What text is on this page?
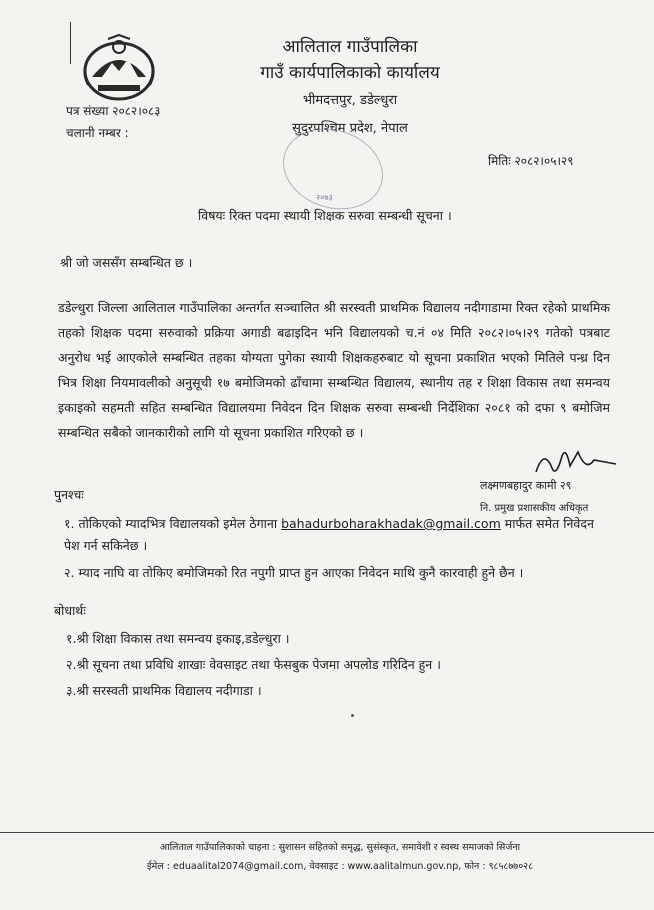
आलिताल गाउँपालिका
गाउँ कार्यपालिकाको कार्यालय
भीमदत्तपुर, डडेल्धुरा
सुदुरपश्चिम प्रदेश, नेपाल
पत्र संख्या २०८२।०८३
चलानी नम्बर :
मितिः २०८२।०५।२९
२०७३
विषयः रिक्त पदमा स्थायी शिक्षक सरुवा सम्बन्धी सूचना ।
श्री जो जससँग सम्बन्धित छ ।
डडेल्धुरा जिल्ला आलिताल गाउँपालिका अन्तर्गत सञ्चालित श्री सरस्वती प्राथमिक विद्यालय नदीगाडामा रिक्त रहेको प्राथमिक तहको शिक्षक पदमा सरुवाको प्रक्रिया अगाडी बढाइदिन भनि विद्यालयको च.नं ०४ मिति २०८२।०५।२९ गतेको पत्रबाट अनुरोध भई आएकोले सम्बन्धित तहका योग्यता पुगेका स्थायी शिक्षकहरुबाट यो सूचना प्रकाशित भएको मितिले पन्ध्र दिन भित्र शिक्षा नियमावलीको अनुसूची १७ बमोजिमको ढाँचामा सम्बन्धित विद्यालय, स्थानीय तह र शिक्षा विकास तथा समन्वय इकाइको सहमती सहित सम्बन्धित विद्यालयमा निवेदन दिन शिक्षक सरुवा सम्बन्धी निर्देशिका २०८१ को दफा ९ बमोजिम सम्बन्धित सबैको जानकारीको लागि यो सूचना प्रकाशित गरिएको छ ।
लक्ष्मणबहादुर कामी २९
नि. प्रमुख प्रशासकीय अधिकृत
पुनश्चः
१. तोकिएको म्यादभित्र विद्यालयको इमेल ठेगाना bahadurboharakhadak@gmail.com मार्फत समेत निवेदन पेश गर्न सकिनेछ ।
२. म्याद नाघि वा तोकिए बमोजिमको रित नपुगी प्राप्त हुन आएका निवेदन माथि कुनै कारवाही हुने छैन ।
बोधार्थः
१.श्री शिक्षा विकास तथा समन्वय इकाइ,डडेल्धुरा ।
२.श्री सूचना तथा प्रविधि शाखाः वेवसाइट तथा फेसबुक पेजमा अपलोड गरिदिन हुन ।
३.श्री सरस्वती प्राथमिक विद्यालय नदीगाडा ।
आलिताल गाउँपालिकाको चाहना : सुशासन सहितको समृद्ध, सुसंस्कृत, समावेशी र स्वस्थ समाजको सिर्जना
ईमेल : eduaalital2074@gmail.com, वेवसाइट : www.aalitalmun.gov.np, फोन : ९८५८७७०२८
